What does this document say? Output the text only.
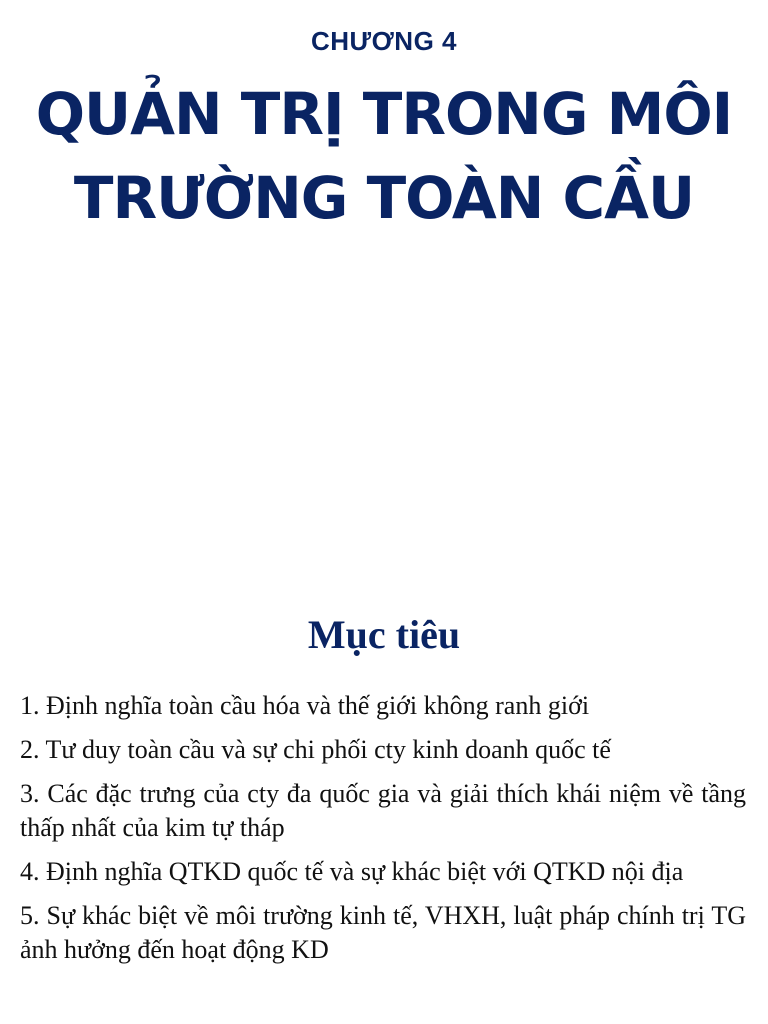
CHƯƠNG 4
QUẢN TRỊ TRONG MÔI TRƯỜNG TOÀN CẦU
Mục tiêu
1. Định nghĩa toàn cầu hóa và thế giới không ranh giới
2. Tư duy toàn cầu và sự chi phối cty kinh doanh quốc tế
3. Các đặc trưng của cty đa quốc gia và giải thích khái niệm về tầng thấp nhất của kim tự tháp
4. Định nghĩa QTKD quốc tế và sự khác biệt với QTKD nội địa
5. Sự khác biệt về môi trường kinh tế, VHXH, luật pháp chính trị TG ảnh hưởng đến hoạt động KD
